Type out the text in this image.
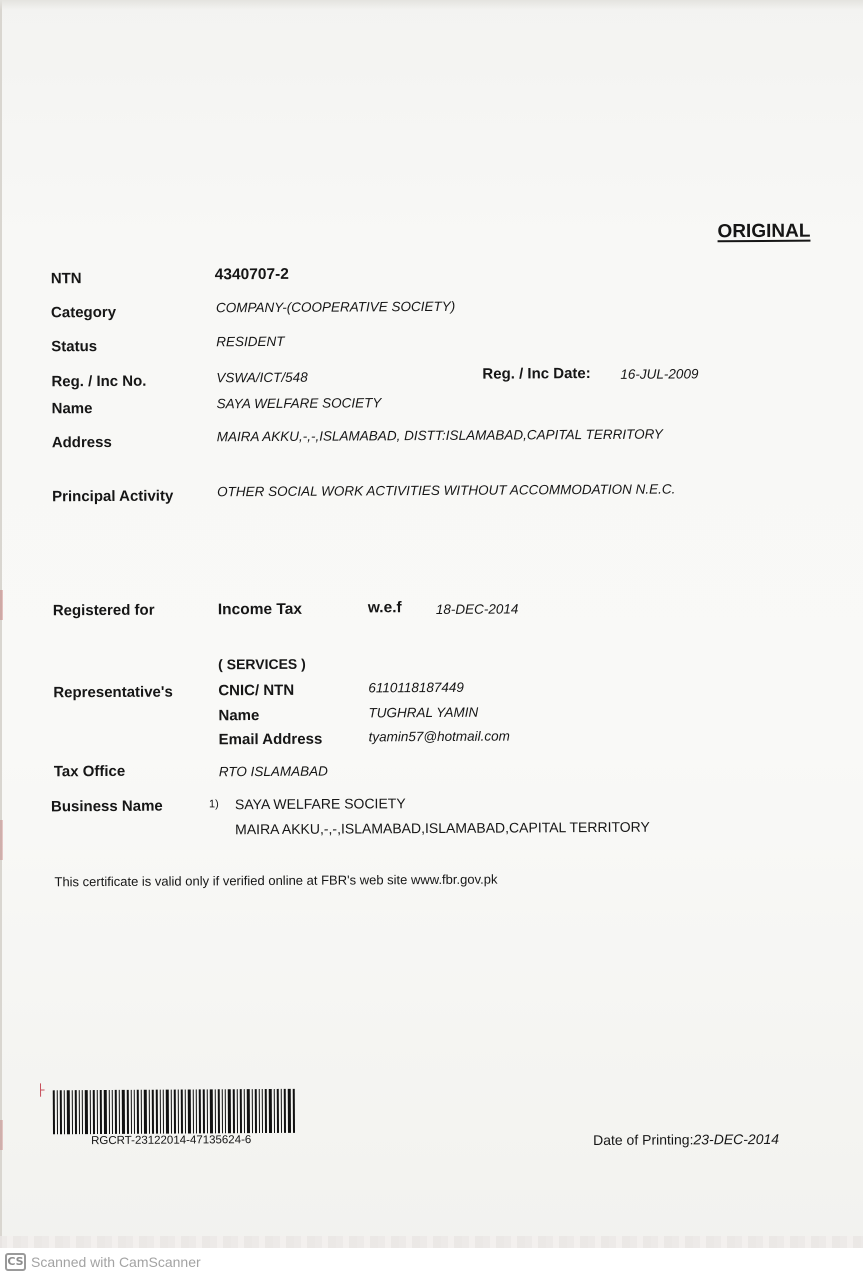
ORIGINAL
NTN	4340707-2
Category	COMPANY-(COOPERATIVE SOCIETY)
Status	RESIDENT
Reg. / Inc No.	VSWA/ICT/548	Reg. / Inc Date: 16-JUL-2009
Name	SAYA WELFARE SOCIETY
Address	MAIRA AKKU,-,-,ISLAMABAD, DISTT:ISLAMABAD,CAPITAL TERRITORY
Principal Activity	OTHER SOCIAL WORK ACTIVITIES WITHOUT ACCOMMODATION N.E.C.
Registered for	Income Tax	w.e.f	18-DEC-2014
( SERVICES )
Representative's	CNIC/ NTN	6110118187449
Name	TUGHRAL YAMIN
Email Address	tyamin57@hotmail.com
Tax Office	RTO ISLAMABAD
Business Name	1) SAYA WELFARE SOCIETY
MAIRA AKKU,-,-,ISLAMABAD,ISLAMABAD,CAPITAL TERRITORY
This certificate is valid only if verified online at FBR's web site www.fbr.gov.pk
├
RGCRT-23122014-47135624-6	Date of Printing:23-DEC-2014
CS Scanned with CamScanner
